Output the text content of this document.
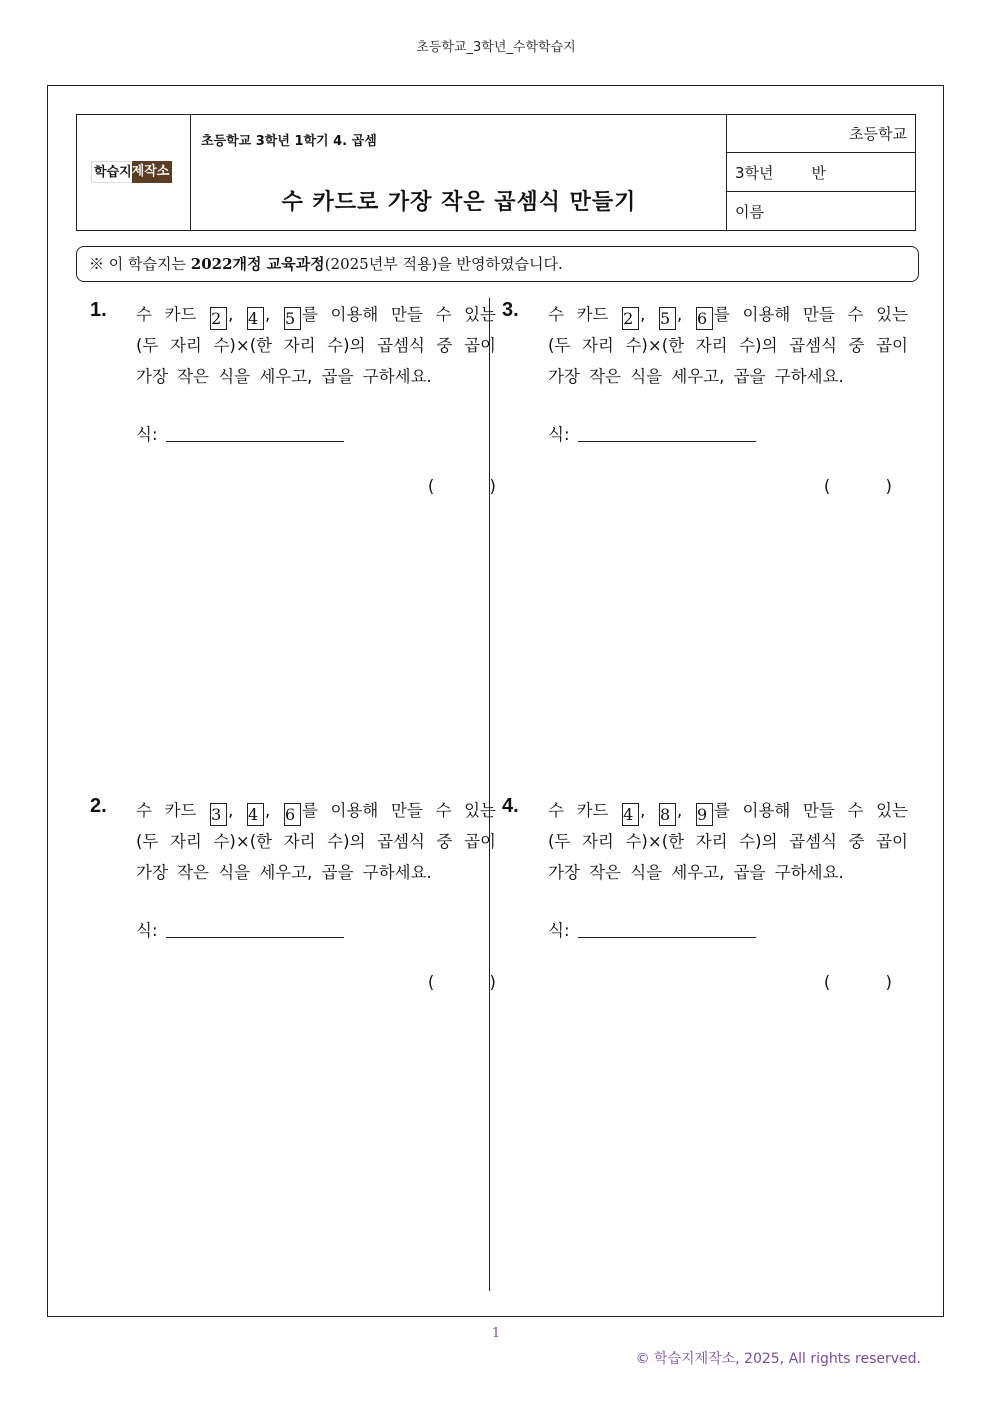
초등학교_3학년_수학학습지
학습지 제작소
초등학교 3학년 1학기 4. 곱셈
수 카드로 가장 작은 곱셈식 만들기
초등학교
3학년	반
이름
※ 이 학습지는 2022개정 교육과정(2025년부 적용)을 반영하였습니다.
1. 수 카드 2 , 4 , 5 를 이용해 만들 수 있는 (두 자리 수)×(한 자리 수)의 곱셈식 중 곱이 가장 작은 식을 세우고, 곱을 구하세요.
식:
( )
2. 수 카드 3 , 4 , 6 를 이용해 만들 수 있는 (두 자리 수)×(한 자리 수)의 곱셈식 중 곱이 가장 작은 식을 세우고, 곱을 구하세요.
식:
( )
3. 수 카드 2 , 5 , 6 를 이용해 만들 수 있는 (두 자리 수)×(한 자리 수)의 곱셈식 중 곱이 가장 작은 식을 세우고, 곱을 구하세요.
식:
( )
4. 수 카드 4 , 8 , 9 를 이용해 만들 수 있는 (두 자리 수)×(한 자리 수)의 곱셈식 중 곱이 가장 작은 식을 세우고, 곱을 구하세요.
식:
( )
1
© 학습지제작소, 2025, All rights reserved.
